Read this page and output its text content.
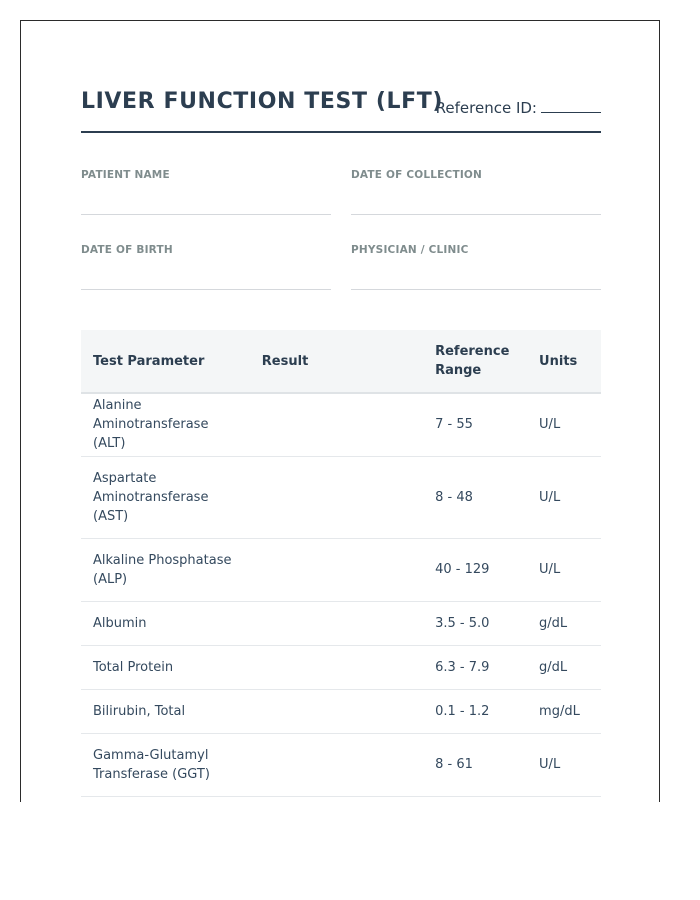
LIVER FUNCTION TEST (LFT)
Reference ID:
PATIENT NAME	DATE OF COLLECTION
DATE OF BIRTH	PHYSICIAN / CLINIC
Test Parameter	Result	Reference Range	Units
Alanine Aminotransferase (ALT)		7 - 55	U/L
Aspartate Aminotransferase (AST)		8 - 48	U/L
Alkaline Phosphatase (ALP)		40 - 129	U/L
Albumin		3.5 - 5.0	g/dL
Total Protein		6.3 - 7.9	g/dL
Bilirubin, Total		0.1 - 1.2	mg/dL
Gamma-Glutamyl Transferase (GGT)		8 - 61	U/L
